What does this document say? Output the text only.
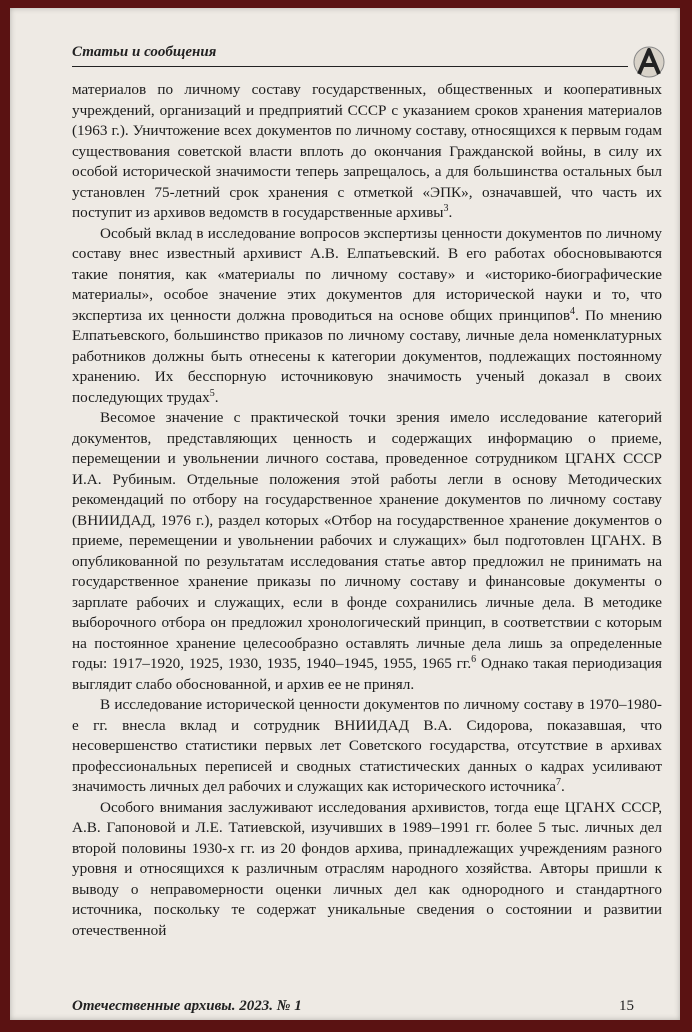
Статьи и сообщения

материалов по личному составу государственных, общественных и кооперативных учреждений, организаций и предприятий СССР с указанием сроков хранения материалов (1963 г.). Уничтожение всех документов по личному составу, относящихся к первым годам существования советской власти вплоть до окончания Гражданской войны, в силу их особой исторической значимости теперь запрещалось, а для большинства остальных был установлен 75-летний срок хранения с отметкой «ЭПК», означавшей, что часть их поступит из архивов ведомств в государственные архивы$^3$.

Особый вклад в исследование вопросов экспертизы ценности документов по личному составу внес известный архивист А.В. Елпатьевский. В его работах обосновываются такие понятия, как «материалы по личному составу» и «историко-биографические материалы», особое значение этих документов для исторической науки и то, что экспертиза их ценности должна проводиться на основе общих принципов$^4$. По мнению Елпатьевского, большинство приказов по личному составу, личные дела номенклатурных работников должны быть отнесены к категории документов, подлежащих постоянному хранению. Их бесспорную источниковую значимость ученый доказал в своих последующих трудах$^5$.

Весомое значение с практической точки зрения имело исследование категорий документов, представляющих ценность и содержащих информацию о приеме, перемещении и увольнении личного состава, проведенное сотрудником ЦГАНХ СССР И.А. Рубиным. Отдельные положения этой работы легли в основу Методических рекомендаций по отбору на государственное хранение документов по личному составу (ВНИИДАД, 1976 г.), раздел которых «Отбор на государственное хранение документов о приеме, перемещении и увольнении рабочих и служащих» был подготовлен ЦГАНХ. В опубликованной по результатам исследования статье автор предложил не принимать на государственное хранение приказы по личному составу и финансовые документы о зарплате рабочих и служащих, если в фонде сохранились личные дела. В методике выборочного отбора он предложил хронологический принцип, в соответствии с которым на постоянное хранение целесообразно оставлять личные дела лишь за определенные годы: 1917–1920, 1925, 1930, 1935, 1940–1945, 1955, 1965 гг.$^6$ Однако такая периодизация выглядит слабо обоснованной, и архив ее не принял.

В исследование исторической ценности документов по личному составу в 1970–1980-е гг. внесла вклад и сотрудник ВНИИДАД В.А. Сидорова, показавшая, что несовершенство статистики первых лет Советского государства, отсутствие в архивах профессиональных переписей и сводных статистических данных о кадрах усиливают значимость личных дел рабочих и служащих как исторического источника$^7$.

Особого внимания заслуживают исследования архивистов, тогда еще ЦГАНХ СССР, А.В. Гапоновой и Л.Е. Татиевской, изучивших в 1989–1991 гг. более 5 тыс. личных дел второй половины 1930-х гг. из 20 фондов архива, принадлежащих учреждениям разного уровня и относящихся к различным отраслям народного хозяйства. Авторы пришли к выводу о неправомерности оценки личных дел как однородного и стандартного источника, поскольку те содержат уникальные сведения о состоянии и развитии отечественной

Отечественные архивы. 2023. № 1	15
